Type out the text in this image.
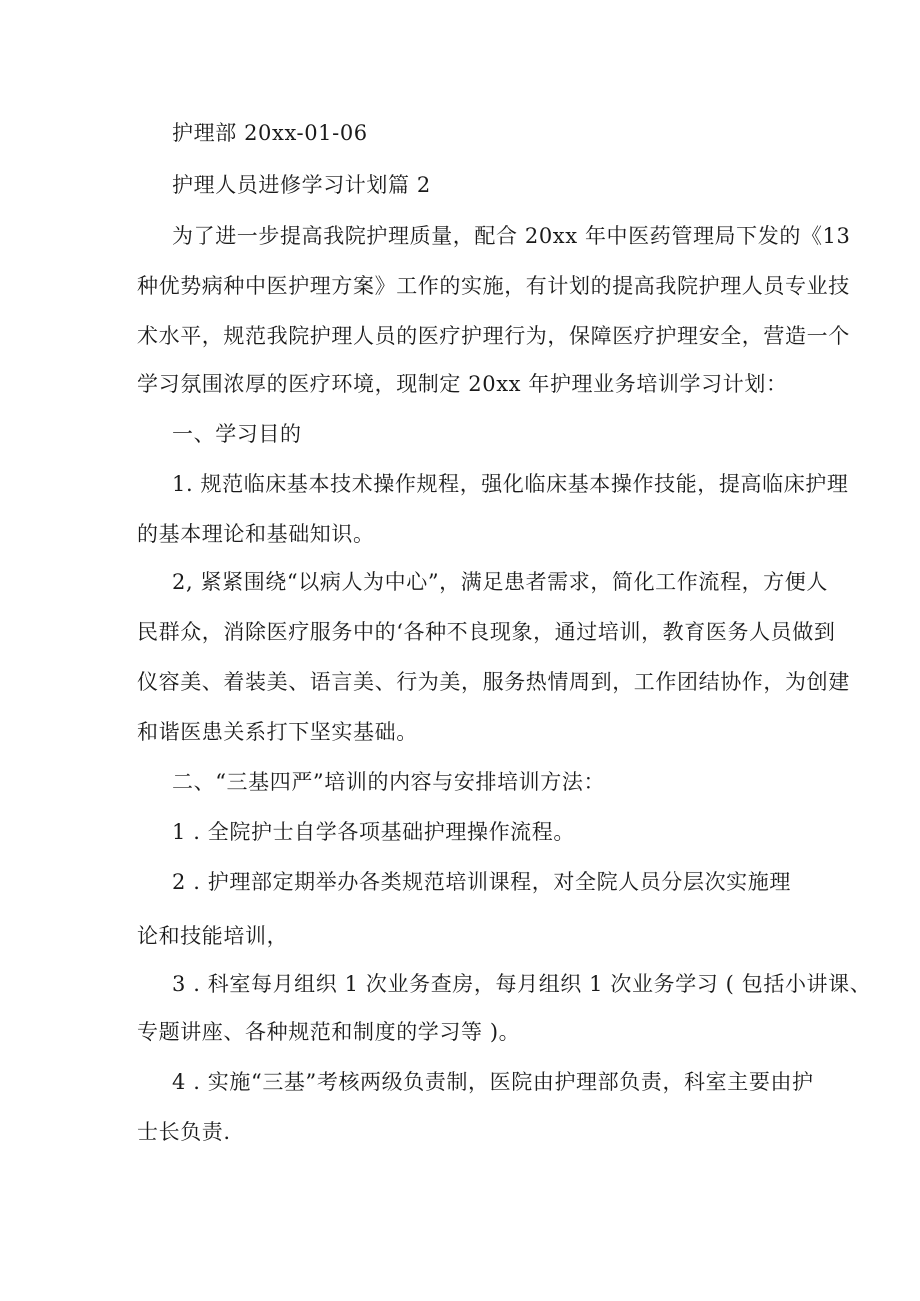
护理部 20xx-01-06
护理人员进修学习计划篇 2
为了进一步提高我院护理质量，配合 20xx 年中医药管理局下发的《13
种优势病种中医护理方案》工作的实施，有计划的提高我院护理人员专业技
术水平，规范我院护理人员的医疗护理行为，保障医疗护理安全，营造一个
学习氛围浓厚的医疗环境，现制定 20xx 年护理业务培训学习计划：
一、学习目的
1. 规范临床基本技术操作规程，强化临床基本操作技能，提高临床护理
的基本理论和基础知识。
2, 紧紧围绕“以病人为中心”，满足患者需求，简化工作流程，方便人
民群众，消除医疗服务中的‘各种不良现象，通过培训，教育医务人员做到
仪容美、着装美、语言美、行为美，服务热情周到，工作团结协作，为创建
和谐医患关系打下坚实基础。
二、“三基四严”培训的内容与安排培训方法：
1 . 全院护士自学各项基础护理操作流程。
2 . 护理部定期举办各类规范培训课程，对全院人员分层次实施理
论和技能培训，
3 . 科室每月组织 1 次业务查房，每月组织 1 次业务学习 ( 包括小讲课、
专题讲座、各种规范和制度的学习等 )。
4 . 实施“三基”考核两级负责制，医院由护理部负责，科室主要由护
士长负责.
